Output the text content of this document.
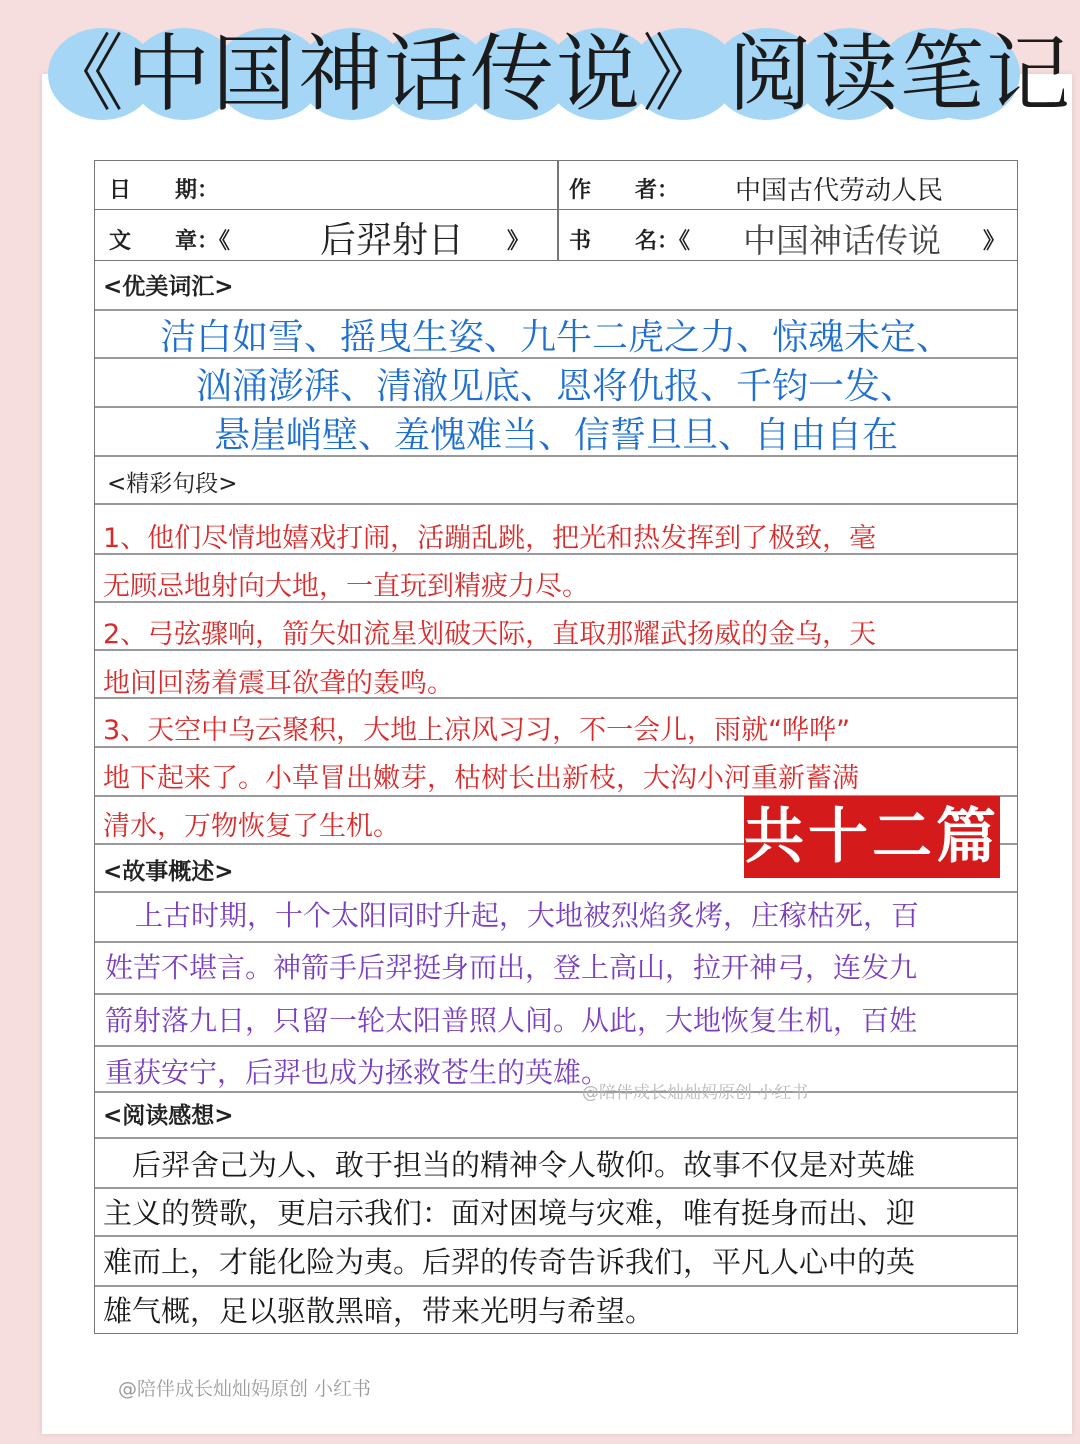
《中国神话传说》阅读笔记
日　　期：	作　　者： 中国古代劳动人民
文　　章：《 后羿射日 》 书　　名：《 中国神话传说 》
<优美词汇>
洁白如雪、摇曳生姿、九牛二虎之力、惊魂未定、
汹涌澎湃、清澈见底、恩将仇报、千钧一发、
悬崖峭壁、羞愧难当、信誓旦旦、自由自在
<精彩句段>
1、他们尽情地嬉戏打闹，活蹦乱跳，把光和热发挥到了极致，毫
无顾忌地射向大地，一直玩到精疲力尽。
2、弓弦骤响，箭矢如流星划破天际，直取那耀武扬威的金乌，天
地间回荡着震耳欲聋的轰鸣。
3、天空中乌云聚积，大地上凉风习习，不一会儿，雨就“哗哗”
地下起来了。小草冒出嫩芽，枯树长出新枝，大沟小河重新蓄满
清水，万物恢复了生机。
<故事概述>
　上古时期，十个太阳同时升起，大地被烈焰炙烤，庄稼枯死，百
姓苦不堪言。神箭手后羿挺身而出，登上高山，拉开神弓，连发九
箭射落九日，只留一轮太阳普照人间。从此，大地恢复生机，百姓
重获安宁，后羿也成为拯救苍生的英雄。
<阅读感想>
　后羿舍己为人、敢于担当的精神令人敬仰。故事不仅是对英雄
主义的赞歌，更启示我们：面对困境与灾难，唯有挺身而出、迎
难而上，才能化险为夷。后羿的传奇告诉我们，平凡人心中的英
雄气概，足以驱散黑暗，带来光明与希望。
共十二篇
@陪伴成长灿灿妈原创 小红书
@陪伴成长灿灿妈原创 小红书
